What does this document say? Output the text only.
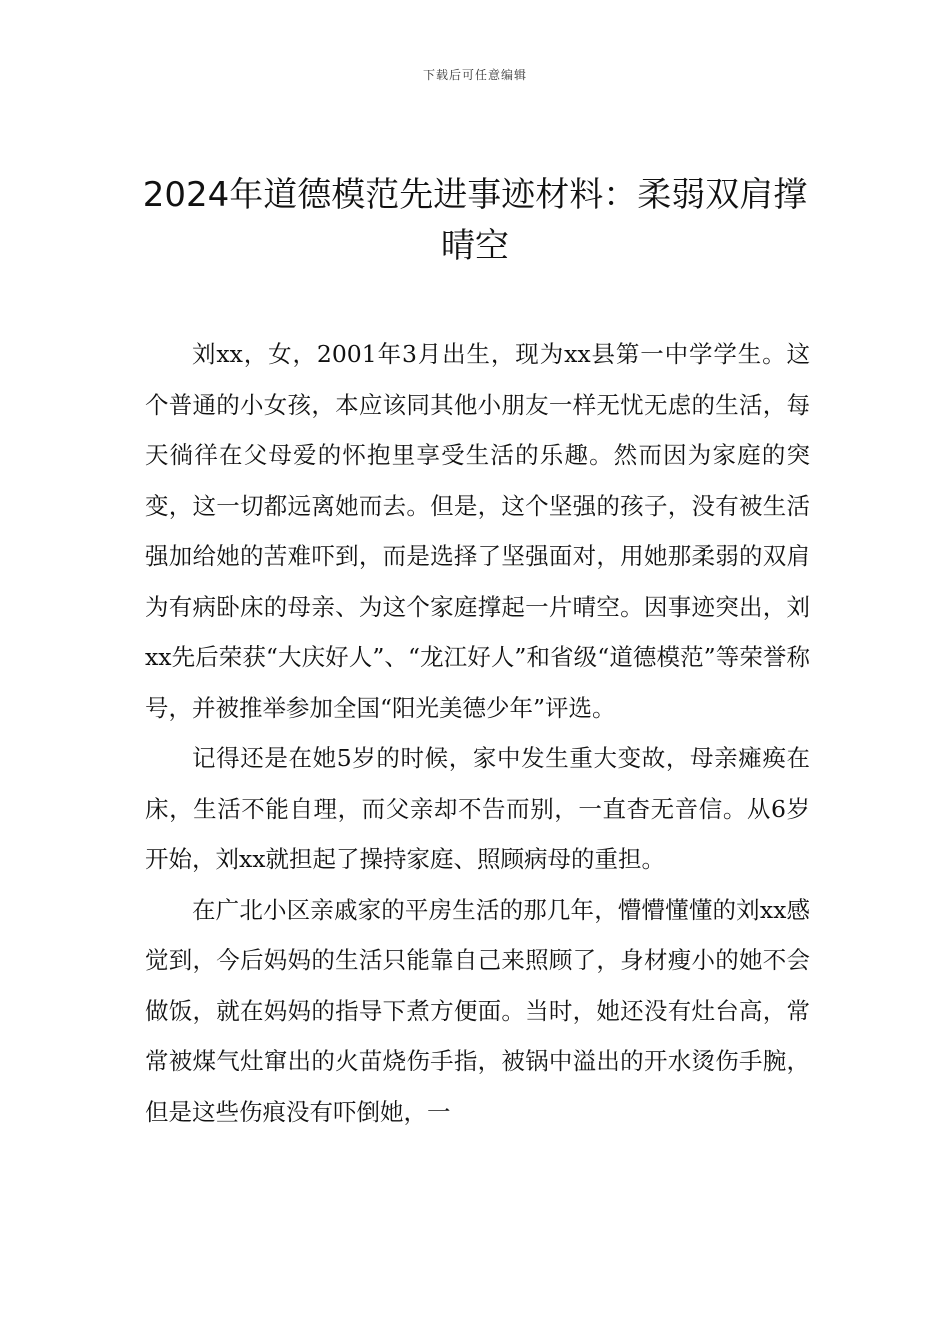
下载后可任意编辑
2024年道德模范先进事迹材料：柔弱双肩撑晴空

刘xx，女，2001年3月出生，现为xx县第一中学学生。这个普通的小女孩，本应该同其他小朋友一样无忧无虑的生活，每天徜徉在父母爱的怀抱里享受生活的乐趣。然而因为家庭的突变，这一切都远离她而去。但是，这个坚强的孩子，没有被生活强加给她的苦难吓到，而是选择了坚强面对，用她那柔弱的双肩为有病卧床的母亲、为这个家庭撑起一片晴空。因事迹突出，刘xx先后荣获“大庆好人”、“龙江好人”和省级“道德模范”等荣誉称号，并被推举参加全国“阳光美德少年”评选。

记得还是在她5岁的时候，家中发生重大变故，母亲瘫痪在床，生活不能自理，而父亲却不告而别，一直杳无音信。从6岁开始，刘xx就担起了操持家庭、照顾病母的重担。

在广北小区亲戚家的平房生活的那几年，懵懵懂懂的刘xx感觉到，今后妈妈的生活只能靠自己来照顾了，身材瘦小的她不会做饭，就在妈妈的指导下煮方便面。当时，她还没有灶台高，常常被煤气灶窜出的火苗烧伤手指，被锅中溢出的开水烫伤手腕，但是这些伤痕没有吓倒她，一
